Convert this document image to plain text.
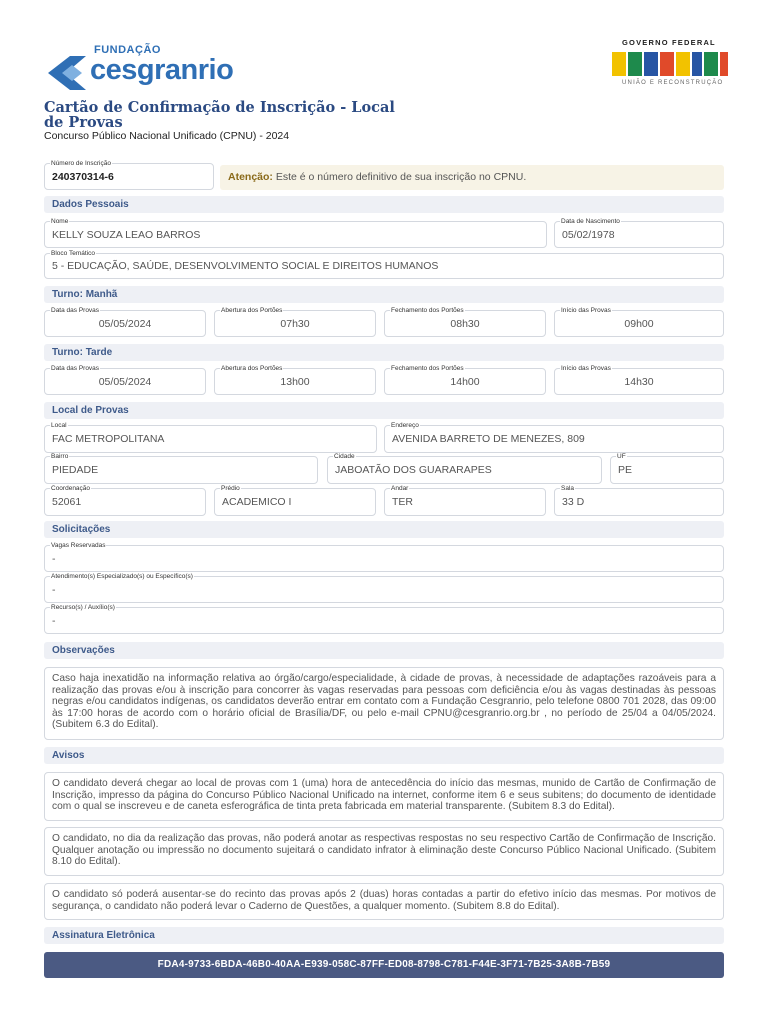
FUNDAÇÃO
cesgranrio
GOVERNO FEDERAL
UNIÃO E RECONSTRUÇÃO
Cartão de Confirmação de Inscrição - Local de Provas
Concurso Público Nacional Unificado (CPNU) - 2024
Número de Inscrição
240370314-6	Atenção: Este é o número definitivo de sua inscrição no CPNU.
Dados Pessoais
Nome
KELLY SOUZA LEAO BARROS
Data de Nascimento
05/02/1978
Bloco Temático
5 - EDUCAÇÃO, SAÚDE, DESENVOLVIMENTO SOCIAL E DIREITOS HUMANOS
Turno: Manhã
Data das Provas
05/05/2024
Abertura dos Portões
07h30
Fechamento dos Portões
08h30
Início das Provas
09h00
Turno: Tarde
Data das Provas
05/05/2024
Abertura dos Portões
13h00
Fechamento dos Portões
14h00
Início das Provas
14h30
Local de Provas
Local
FAC METROPOLITANA
Endereço
AVENIDA BARRETO DE MENEZES, 809
Bairro
PIEDADE
Cidade
JABOATÃO DOS GUARARAPES
UF
PE
Coordenação
52061
Prédio
ACADEMICO I
Andar
TER
Sala
33 D
Solicitações
Vagas Reservadas
-
Atendimento(s) Especializado(s) ou Específico(s)
-
Recurso(s) / Auxílio(s)
-
Observações
Caso haja inexatidão na informação relativa ao órgão/cargo/especialidade, à cidade de provas, à necessidade de adaptações razoáveis para a realização das provas e/ou à inscrição para concorrer às vagas reservadas para pessoas com deficiência e/ou às vagas destinadas às pessoas negras e/ou candidatos indígenas, os candidatos deverão entrar em contato com a Fundação Cesgranrio, pelo telefone 0800 701 2028, das 09:00 às 17:00 horas de acordo com o horário oficial de Brasília/DF, ou pelo e-mail CPNU@cesgranrio.org.br , no período de 25/04 a 04/05/2024. (Subitem 6.3 do Edital).
Avisos
O candidato deverá chegar ao local de provas com 1 (uma) hora de antecedência do início das mesmas, munido de Cartão de Confirmação de Inscrição, impresso da página do Concurso Público Nacional Unificado na internet, conforme item 6 e seus subitens; do documento de identidade com o qual se inscreveu e de caneta esferográfica de tinta preta fabricada em material transparente. (Subitem 8.3 do Edital).
O candidato, no dia da realização das provas, não poderá anotar as respectivas respostas no seu respectivo Cartão de Confirmação de Inscrição. Qualquer anotação ou impressão no documento sujeitará o candidato infrator à eliminação deste Concurso Público Nacional Unificado. (Subitem 8.10 do Edital).
O candidato só poderá ausentar-se do recinto das provas após 2 (duas) horas contadas a partir do efetivo início das mesmas. Por motivos de segurança, o candidato não poderá levar o Caderno de Questões, a qualquer momento. (Subitem 8.8 do Edital).
Assinatura Eletrônica
FDA4-9733-6BDA-46B0-40AA-E939-058C-87FF-ED08-8798-C781-F44E-3F71-7B25-3A8B-7B59
